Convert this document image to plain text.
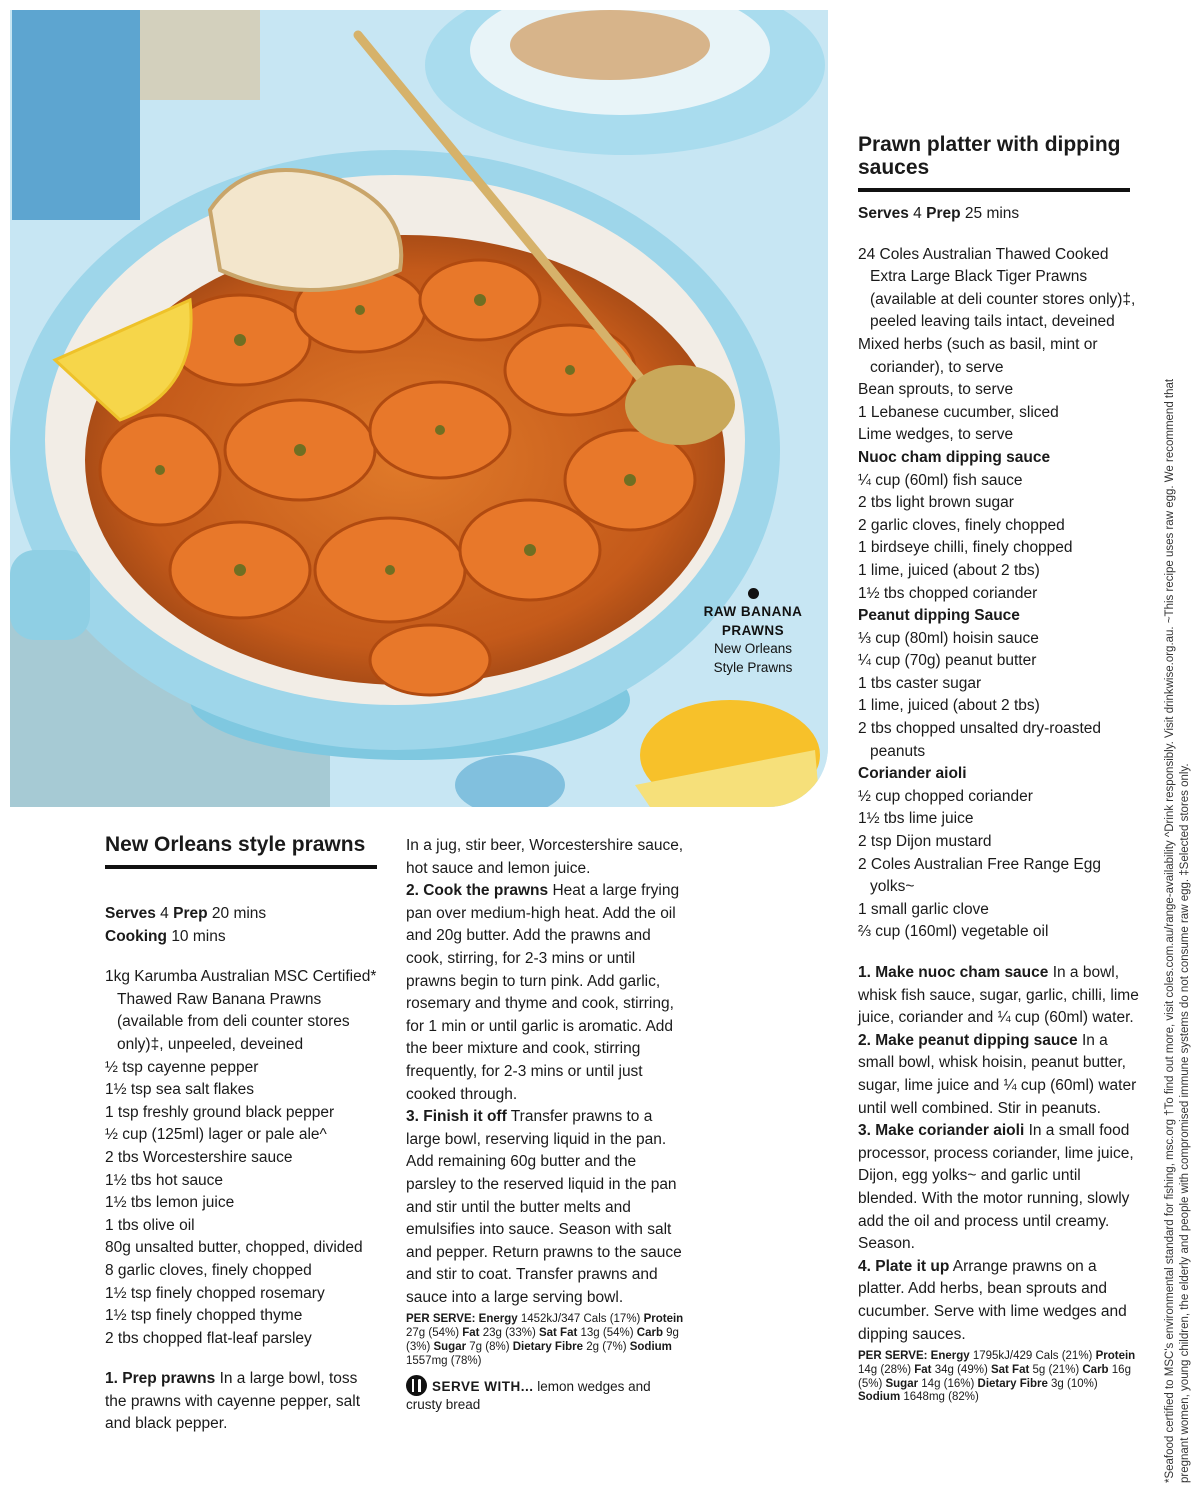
RAW BANANA PRAWNS
New Orleans Style Prawns
New Orleans style prawns

Serves 4 Prep 20 mins

Cooking 10 mins

1kg Karumba Australian MSC Certified* Thawed Raw Banana Prawns (available from deli counter stores only)‡, unpeeled, deveined

½ tsp cayenne pepper

1½ tsp sea salt flakes

1 tsp freshly ground black pepper

½ cup (125ml) lager or pale ale^

2 tbs Worcestershire sauce

1½ tbs hot sauce

1½ tbs lemon juice

1 tbs olive oil

80g unsalted butter, chopped, divided

8 garlic cloves, finely chopped

1½ tsp finely chopped rosemary

1½ tsp finely chopped thyme

2 tbs chopped flat-leaf parsley

1. Prep prawns In a large bowl, toss the prawns with cayenne pepper, salt and black pepper.

In a jug, stir beer, Worcestershire sauce, hot sauce and lemon juice.

2. Cook the prawns Heat a large frying pan over medium-high heat. Add the oil and 20g butter. Add the prawns and cook, stirring, for 2-3 mins or until prawns begin to turn pink. Add garlic, rosemary and thyme and cook, stirring, for 1 min or until garlic is aromatic. Add the beer mixture and cook, stirring frequently, for 2-3 mins or until just cooked through.

3. Finish it off Transfer prawns to a large bowl, reserving liquid in the pan. Add remaining 60g butter and the parsley to the reserved liquid in the pan and stir until the butter melts and emulsifies into sauce. Season with salt and pepper. Return prawns to the sauce and stir to coat. Transfer prawns and sauce into a large serving bowl.

PER SERVE: Energy 1452kJ/347 Cals (17%) Protein 27g (54%) Fat 23g (33%) Sat Fat 13g (54%) Carb 9g (3%) Sugar 7g (8%) Dietary Fibre 2g (7%) Sodium 1557mg (78%)
SERVE WITH... lemon wedges and crusty bread
Prawn platter with dipping sauces

Serves 4 Prep 25 mins

24 Coles Australian Thawed Cooked Extra Large Black Tiger Prawns (available at deli counter stores only)‡, peeled leaving tails intact, deveined

Mixed herbs (such as basil, mint or coriander), to serve

Bean sprouts, to serve

1 Lebanese cucumber, sliced

Lime wedges, to serve

Nuoc cham dipping sauce

¼ cup (60ml) fish sauce

2 tbs light brown sugar

2 garlic cloves, finely chopped

1 birdseye chilli, finely chopped

1 lime, juiced (about 2 tbs)

1½ tbs chopped coriander

Peanut dipping Sauce

⅓ cup (80ml) hoisin sauce

¼ cup (70g) peanut butter

1 tbs caster sugar

1 lime, juiced (about 2 tbs)

2 tbs chopped unsalted dry-roasted peanuts

Coriander aioli

½ cup chopped coriander

1½ tbs lime juice

2 tsp Dijon mustard

2 Coles Australian Free Range Egg yolks~

1 small garlic clove

⅔ cup (160ml) vegetable oil

1. Make nuoc cham sauce In a bowl, whisk fish sauce, sugar, garlic, chilli, lime juice, coriander and ¼ cup (60ml) water.

2. Make peanut dipping sauce In a small bowl, whisk hoisin, peanut butter, sugar, lime juice and ¼ cup (60ml) water until well combined. Stir in peanuts.

3. Make coriander aioli In a small food processor, process coriander, lime juice, Dijon, egg yolks~ and garlic until blended. With the motor running, slowly add the oil and process until creamy. Season.

4. Plate it up Arrange prawns on a platter. Add herbs, bean sprouts and cucumber. Serve with lime wedges and dipping sauces.

PER SERVE: Energy 1795kJ/429 Cals (21%) Protein 14g (28%) Fat 34g (49%) Sat Fat 5g (21%) Carb 16g (5%) Sugar 14g (16%) Dietary Fibre 3g (10%) Sodium 1648mg (82%)	*Seafood certified to MSC's environmental standard for fishing, msc.org †To find out more, visit coles.com.au/range-availability ^Drink responsibly. Visit drinkwise.org.au. ~This recipe uses raw egg. We recommend that pregnant women, young children, the elderly and people with compromised immune systems do not consume raw egg. ‡Selected stores only.
